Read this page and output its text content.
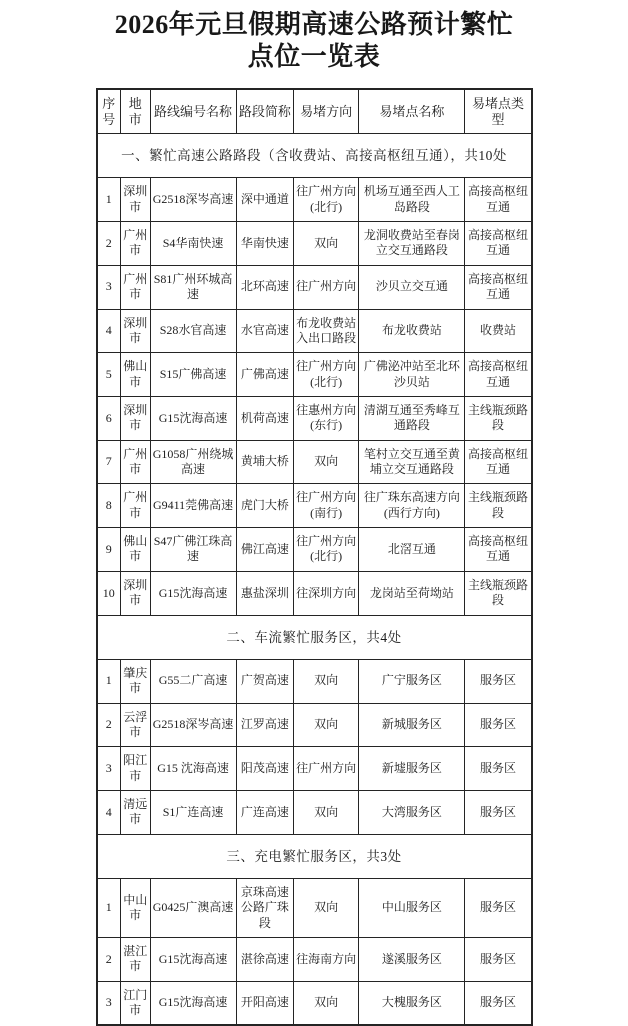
2026年元旦假期高速公路预计繁忙
点位一览表
序号	地市	路线编号名称	路段简称	易堵方向	易堵点名称	易堵点类型
一、繁忙高速公路路段（含收费站、高接高枢纽互通），共10处						
1	深圳市	G2518深岑高速	深中通道	往广州方向(北行)	机场互通至西人工岛路段	高接高枢纽互通
2	广州市	S4华南快速	华南快速	双向	龙洞收费站至春岗立交互通路段	高接高枢纽互通
3	广州市	S81广州环城高速	北环高速	往广州方向	沙贝立交互通	高接高枢纽互通
4	深圳市	S28水官高速	水官高速	布龙收费站入出口路段	布龙收费站	收费站
5	佛山市	S15广佛高速	广佛高速	往广州方向(北行)	广佛泌冲站至北环沙贝站	高接高枢纽互通
6	深圳市	G15沈海高速	机荷高速	往惠州方向(东行)	清湖互通至秀峰互通路段	主线瓶颈路段
7	广州市	G1058广州绕城高速	黄埔大桥	双向	笔村立交互通至黄埔立交互通路段	高接高枢纽互通
8	广州市	G9411莞佛高速	虎门大桥	往广州方向(南行)	往广珠东高速方向(西行方向)	主线瓶颈路段
9	佛山市	S47广佛江珠高速	佛江高速	往广州方向(北行)	北滘互通	高接高枢纽互通
10	深圳市	G15沈海高速	惠盐深圳	往深圳方向	龙岗站至荷坳站	主线瓶颈路段
二、车流繁忙服务区，共4处						
1	肇庆市	G55二广高速	广贺高速	双向	广宁服务区	服务区
2	云浮市	G2518深岑高速	江罗高速	双向	新城服务区	服务区
3	阳江市	G15 沈海高速	阳茂高速	往广州方向	新墟服务区	服务区
4	清远市	S1广连高速	广连高速	双向	大湾服务区	服务区
三、充电繁忙服务区，共3处						
1	中山市	G0425广澳高速	京珠高速公路广珠段	双向	中山服务区	服务区
2	湛江市	G15沈海高速	湛徐高速	往海南方向	遂溪服务区	服务区
3	江门市	G15沈海高速	开阳高速	双向	大槐服务区	服务区
